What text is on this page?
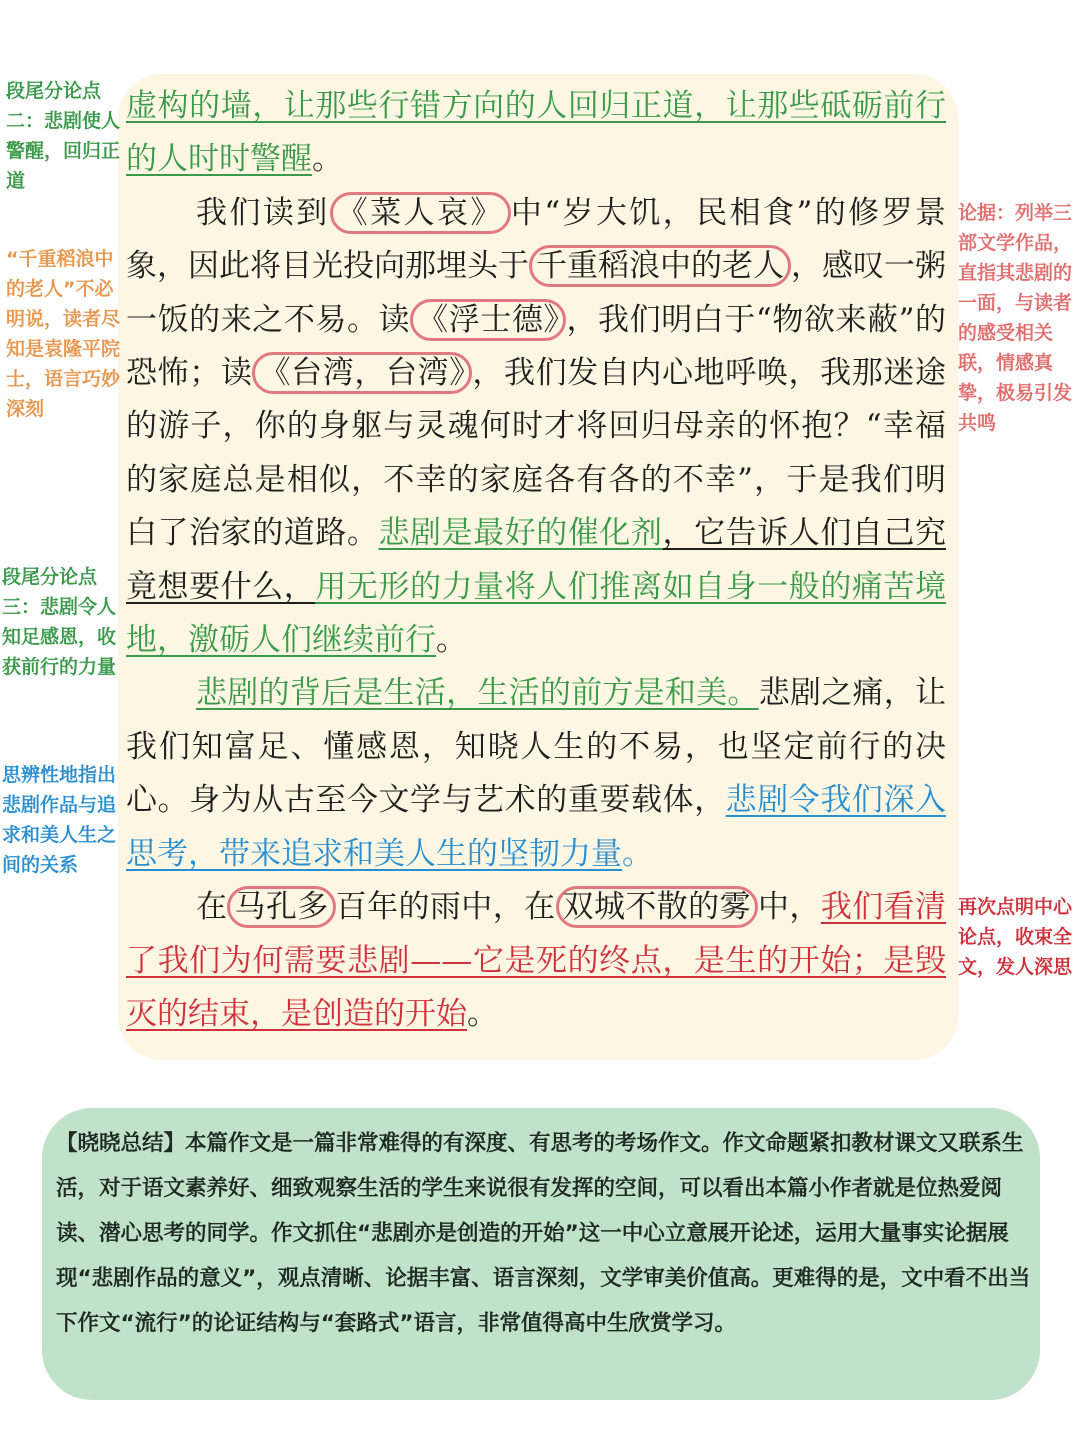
虚构的墙，让那些行错方向的人回归正道，让那些砥砺前行的人时时警醒。

我们读到 《菜人哀》 中“岁大饥，民相食”的修罗景象，因此将目光投向那埋头于 千重稻浪中的老人 ，感叹一粥一饭的来之不易。读 《浮士德》 ，我们明白于“物欲来蔽”的恐怖；读 《台湾，台湾》 ，我们发自内心地呼唤，我那迷途的游子，你的身躯与灵魂何时才将回归母亲的怀抱？“幸福的家庭总是相似，不幸的家庭各有各的不幸”，于是我们明白了治家的道路。悲剧是最好的催化剂，它告诉人们自己究竟想要什么，用无形的力量将人们推离如自身一般的痛苦境地，激砺人们继续前行。

悲剧的背后是生活，生活的前方是和美。悲剧之痛，让我们知富足、懂感恩，知晓人生的不易，也坚定前行的决心。身为从古至今文学与艺术的重要载体，悲剧令我们深入思考，带来追求和美人生的坚韧力量。

在 马孔多 百年的雨中，在 双城不散的雾 中，我们看清了我们为何需要悲剧——它是死的终点，是生的开始；是毁灭的结束，是创造的开始。

段尾分论点二：悲剧使人警醒，回归正道

“千重稻浪中的老人”不必明说，读者尽知是袁隆平院士，语言巧妙深刻

段尾分论点三：悲剧令人知足感恩，收获前行的力量

思辨性地指出悲剧作品与追求和美人生之间的关系

论据：列举三部文学作品，直指其悲剧的一面，与读者的感受相关联，情感真挚，极易引发共鸣

再次点明中心论点，收束全文，发人深思

【晓晓总结】本篇作文是一篇非常难得的有深度、有思考的考场作文。作文命题紧扣教材课文又联系生活，对于语文素养好、细致观察生活的学生来说很有发挥的空间，可以看出本篇小作者就是位热爱阅读、潜心思考的同学。作文抓住“悲剧亦是创造的开始”这一中心立意展开论述，运用大量事实论据展现“悲剧作品的意义”，观点清晰、论据丰富、语言深刻，文学审美价值高。更难得的是，文中看不出当下作文“流行”的论证结构与“套路式”语言，非常值得高中生欣赏学习。
